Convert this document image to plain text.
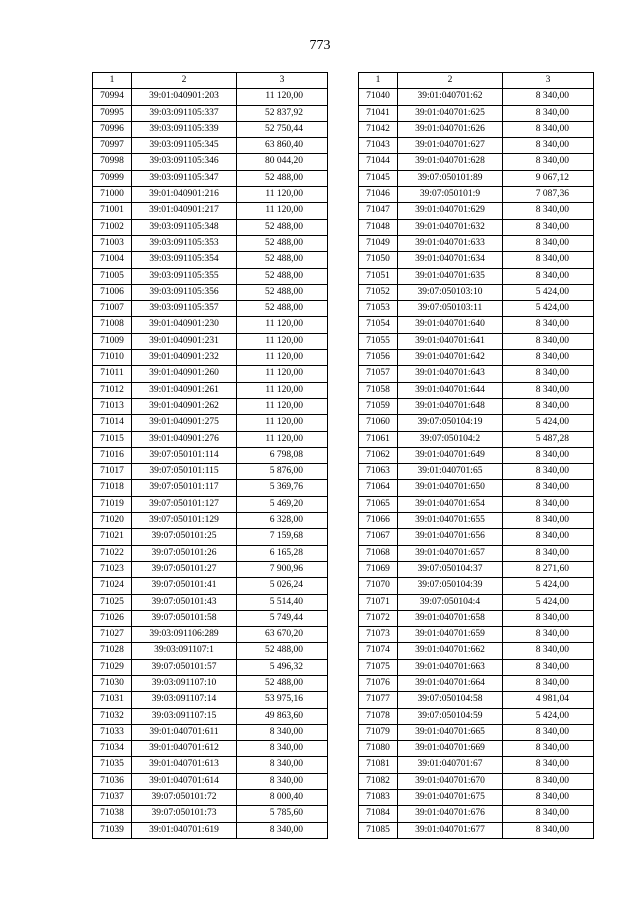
773
1	2	3
70994	39:01:040901:203	11 120,00
70995	39:03:091105:337	52 837,92
70996	39:03:091105:339	52 750,44
70997	39:03:091105:345	63 860,40
70998	39:03:091105:346	80 044,20
70999	39:03:091105:347	52 488,00
71000	39:01:040901:216	11 120,00
71001	39:01:040901:217	11 120,00
71002	39:03:091105:348	52 488,00
71003	39:03:091105:353	52 488,00
71004	39:03:091105:354	52 488,00
71005	39:03:091105:355	52 488,00
71006	39:03:091105:356	52 488,00
71007	39:03:091105:357	52 488,00
71008	39:01:040901:230	11 120,00
71009	39:01:040901:231	11 120,00
71010	39:01:040901:232	11 120,00
71011	39:01:040901:260	11 120,00
71012	39:01:040901:261	11 120,00
71013	39:01:040901:262	11 120,00
71014	39:01:040901:275	11 120,00
71015	39:01:040901:276	11 120,00
71016	39:07:050101:114	6 798,08
71017	39:07:050101:115	5 876,00
71018	39:07:050101:117	5 369,76
71019	39:07:050101:127	5 469,20
71020	39:07:050101:129	6 328,00
71021	39:07:050101:25	7 159,68
71022	39:07:050101:26	6 165,28
71023	39:07:050101:27	7 900,96
71024	39:07:050101:41	5 026,24
71025	39:07:050101:43	5 514,40
71026	39:07:050101:58	5 749,44
71027	39:03:091106:289	63 670,20
71028	39:03:091107:1	52 488,00
71029	39:07:050101:57	5 496,32
71030	39:03:091107:10	52 488,00
71031	39:03:091107:14	53 975,16
71032	39:03:091107:15	49 863,60
71033	39:01:040701:611	8 340,00
71034	39:01:040701:612	8 340,00
71035	39:01:040701:613	8 340,00
71036	39:01:040701:614	8 340,00
71037	39:07:050101:72	8 000,40
71038	39:07:050101:73	5 785,60
71039	39:01:040701:619	8 340,00
1	2	3
71040	39:01:040701:62	8 340,00
71041	39:01:040701:625	8 340,00
71042	39:01:040701:626	8 340,00
71043	39:01:040701:627	8 340,00
71044	39:01:040701:628	8 340,00
71045	39:07:050101:89	9 067,12
71046	39:07:050101:9	7 087,36
71047	39:01:040701:629	8 340,00
71048	39:01:040701:632	8 340,00
71049	39:01:040701:633	8 340,00
71050	39:01:040701:634	8 340,00
71051	39:01:040701:635	8 340,00
71052	39:07:050103:10	5 424,00
71053	39:07:050103:11	5 424,00
71054	39:01:040701:640	8 340,00
71055	39:01:040701:641	8 340,00
71056	39:01:040701:642	8 340,00
71057	39:01:040701:643	8 340,00
71058	39:01:040701:644	8 340,00
71059	39:01:040701:648	8 340,00
71060	39:07:050104:19	5 424,00
71061	39:07:050104:2	5 487,28
71062	39:01:040701:649	8 340,00
71063	39:01:040701:65	8 340,00
71064	39:01:040701:650	8 340,00
71065	39:01:040701:654	8 340,00
71066	39:01:040701:655	8 340,00
71067	39:01:040701:656	8 340,00
71068	39:01:040701:657	8 340,00
71069	39:07:050104:37	8 271,60
71070	39:07:050104:39	5 424,00
71071	39:07:050104:4	5 424,00
71072	39:01:040701:658	8 340,00
71073	39:01:040701:659	8 340,00
71074	39:01:040701:662	8 340,00
71075	39:01:040701:663	8 340,00
71076	39:01:040701:664	8 340,00
71077	39:07:050104:58	4 981,04
71078	39:07:050104:59	5 424,00
71079	39:01:040701:665	8 340,00
71080	39:01:040701:669	8 340,00
71081	39:01:040701:67	8 340,00
71082	39:01:040701:670	8 340,00
71083	39:01:040701:675	8 340,00
71084	39:01:040701:676	8 340,00
71085	39:01:040701:677	8 340,00
